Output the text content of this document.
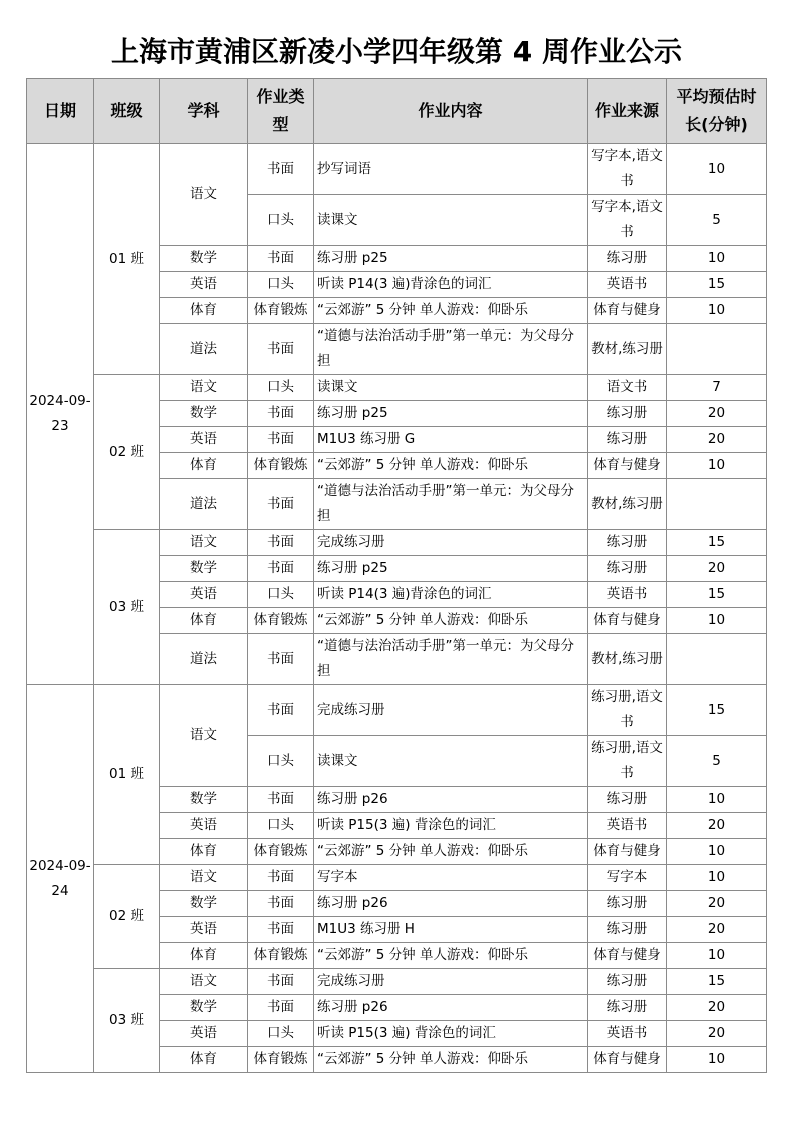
上海市黄浦区新凌小学四年级第 4 周作业公示
日期	班级	学科	作业类型	作业内容	作业来源	平均预估时长(分钟)
2024-09-23	01 班	语文	书面	抄写词语	写字本,语文书	10
			口头	读课文	写字本,语文书	5
		数学	书面	练习册 p25	练习册	10
		英语	口头	听读 P14(3 遍)背涂色的词汇	英语书	15
		体育	体育锻炼	“云郊游” 5 分钟 单人游戏：仰卧乐	体育与健身	10
		道法	书面	“道德与法治活动手册”第一单元：为父母分担	教材,练习册	
	02 班	语文	口头	读课文	语文书	7
		数学	书面	练习册 p25	练习册	20
		英语	书面	M1U3 练习册 G	练习册	20
		体育	体育锻炼	“云郊游” 5 分钟 单人游戏：仰卧乐	体育与健身	10
		道法	书面	“道德与法治活动手册”第一单元：为父母分担	教材,练习册	
	03 班	语文	书面	完成练习册	练习册	15
		数学	书面	练习册 p25	练习册	20
		英语	口头	听读 P14(3 遍)背涂色的词汇	英语书	15
		体育	体育锻炼	“云郊游” 5 分钟 单人游戏：仰卧乐	体育与健身	10
		道法	书面	“道德与法治活动手册”第一单元：为父母分担	教材,练习册	
2024-09-24	01 班	语文	书面	完成练习册	练习册,语文书	15
			口头	读课文	练习册,语文书	5
		数学	书面	练习册 p26	练习册	10
		英语	口头	听读 P15(3 遍) 背涂色的词汇	英语书	20
		体育	体育锻炼	“云郊游” 5 分钟 单人游戏：仰卧乐	体育与健身	10
	02 班	语文	书面	写字本	写字本	10
		数学	书面	练习册 p26	练习册	20
		英语	书面	M1U3 练习册 H	练习册	20
		体育	体育锻炼	“云郊游” 5 分钟 单人游戏：仰卧乐	体育与健身	10
	03 班	语文	书面	完成练习册	练习册	15
		数学	书面	练习册 p26	练习册	20
		英语	口头	听读 P15(3 遍) 背涂色的词汇	英语书	20
		体育	体育锻炼	“云郊游” 5 分钟 单人游戏：仰卧乐	体育与健身	10
